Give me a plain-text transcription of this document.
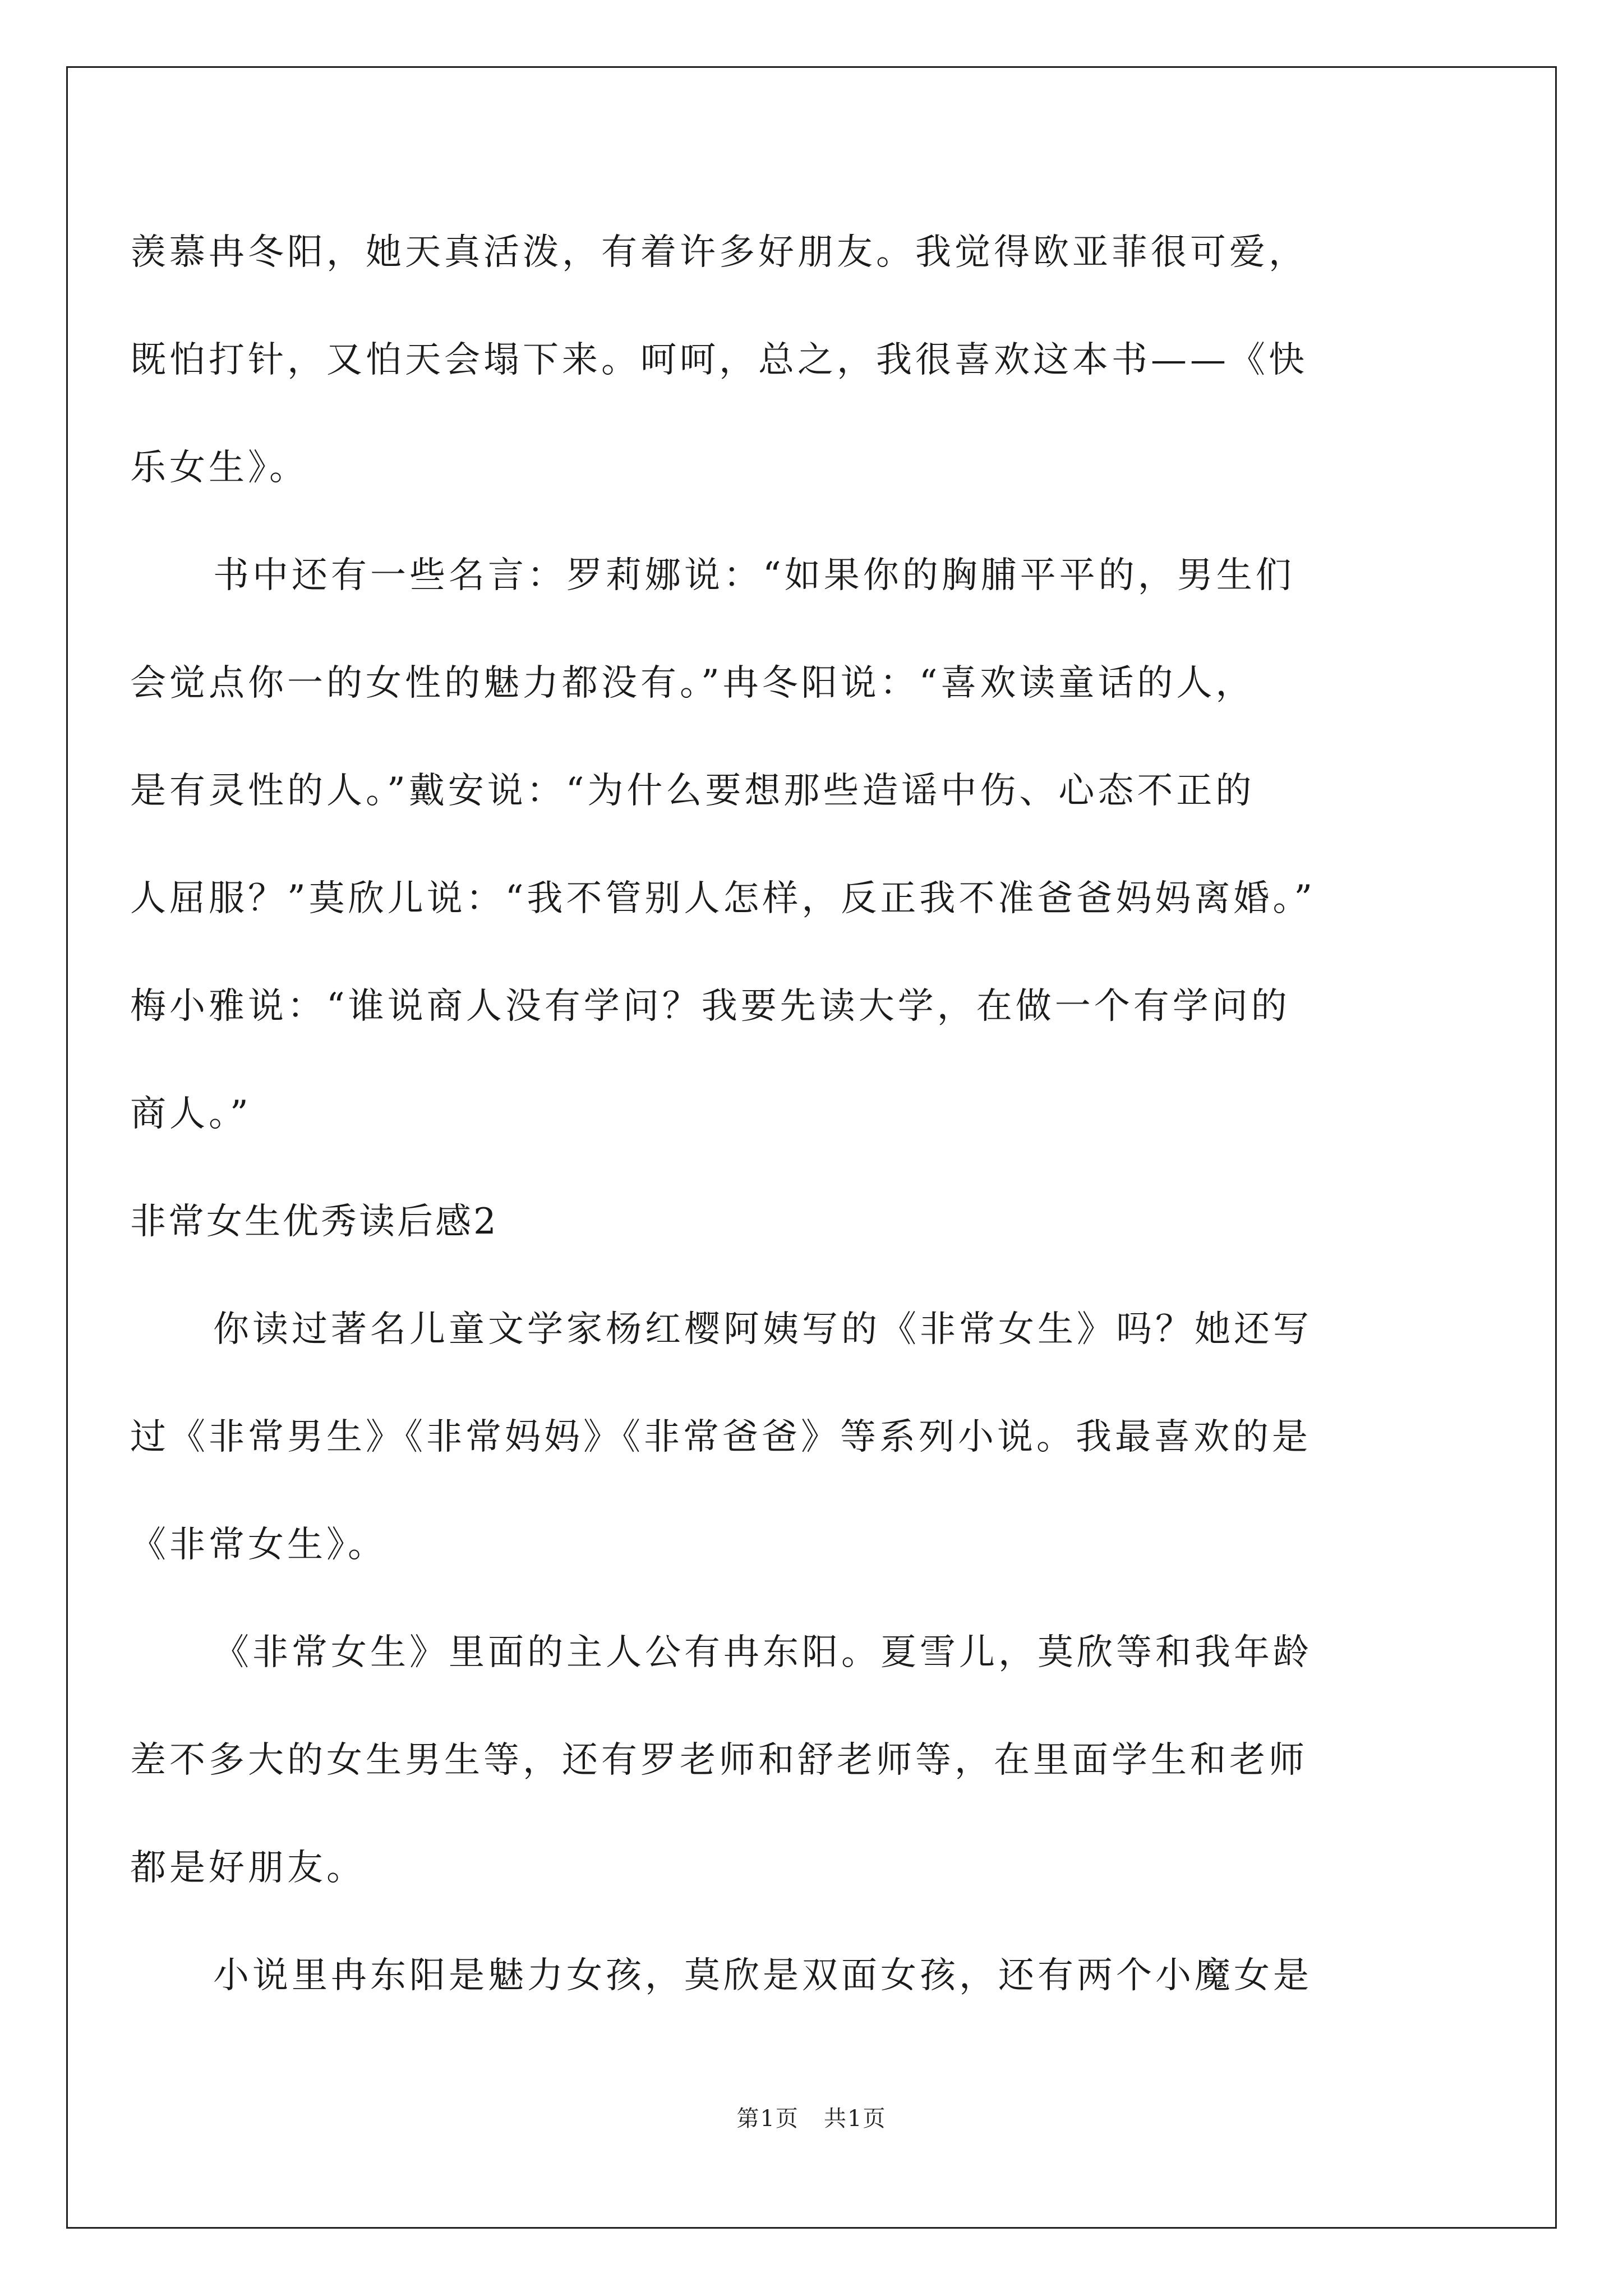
羡慕冉冬阳，她天真活泼，有着许多好朋友。我觉得欧亚菲很可爱，
既怕打针，又怕天会塌下来。呵呵，总之，我很喜欢这本书——《快
乐女生》。
书中还有一些名言：罗莉娜说：“如果你的胸脯平平的，男生们
会觉点你一的女性的魅力都没有。”冉冬阳说：“喜欢读童话的人，
是有灵性的人。”戴安说：“为什么要想那些造谣中伤、心态不正的
人屈服？”莫欣儿说：“我不管别人怎样，反正我不准爸爸妈妈离婚。”
梅小雅说：“谁说商人没有学问？我要先读大学，在做一个有学问的
商人。”
非常女生优秀读后感2
你读过著名儿童文学家杨红樱阿姨写的《非常女生》吗？她还写
过《非常男生》《非常妈妈》《非常爸爸》等系列小说。我最喜欢的是
《非常女生》。
《非常女生》里面的主人公有冉东阳。夏雪儿，莫欣等和我年龄
差不多大的女生男生等，还有罗老师和舒老师等，在里面学生和老师
都是好朋友。
小说里冉东阳是魅力女孩，莫欣是双面女孩，还有两个小魔女是
第1页   共1页
